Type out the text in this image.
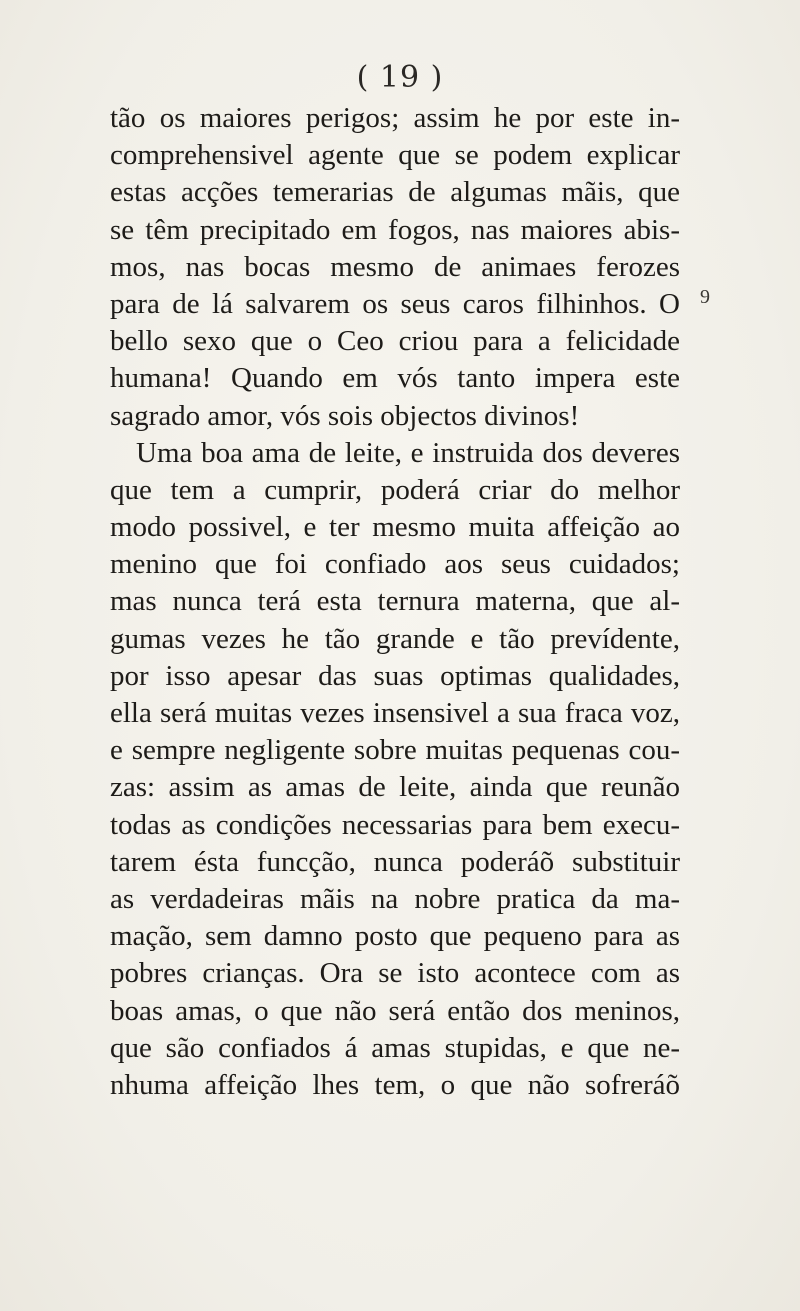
( 19 )
9
tão os maiores perigos; assim he por este in-
comprehensivel agente que se podem explicar
estas acções temerarias de algumas mãis, que
se têm precipitado em fogos, nas maiores abis-
mos, nas bocas mesmo de animaes ferozes
para de lá salvarem os seus caros filhinhos. O
bello sexo que o Ceo criou para a felicidade
humana! Quando em vós tanto impera este
sagrado amor, vós sois objectos divinos!
Uma boa ama de leite, e instruida dos deveres
que tem a cumprir, poderá criar do melhor
modo possivel, e ter mesmo muita affeição ao
menino que foi confiado aos seus cuidados;
mas nunca terá esta ternura materna, que al-
gumas vezes he tão grande e tão prevídente,
por isso apesar das suas optimas qualidades,
ella será muitas vezes insensivel a sua fraca voz,
e sempre negligente sobre muitas pequenas cou-
zas: assim as amas de leite, ainda que reunão
todas as condições necessarias para bem execu-
tarem ésta funcção, nunca poderáõ substituir
as verdadeiras mãis na nobre pratica da ma-
mação, sem damno posto que pequeno para as
pobres crianças. Ora se isto acontece com as
boas amas, o que não será então dos meninos,
que são confiados á amas stupidas, e que ne-
nhuma affeição lhes tem, o que não sofreráõ
